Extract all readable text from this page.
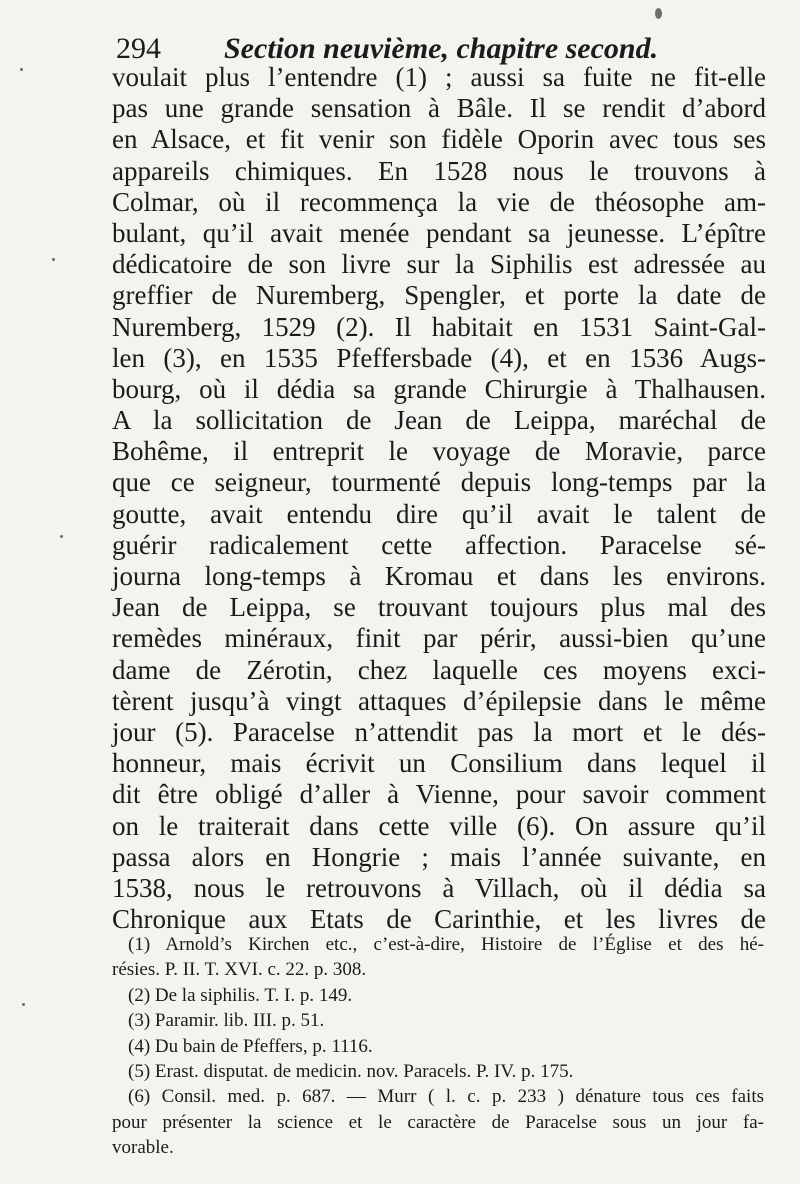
294	Section neuvième, chapitre second.
voulait plus l’entendre (1) ; aussi sa fuite ne fit-elle
pas une grande sensation à Bâle. Il se rendit d’abord
en Alsace, et fit venir son fidèle Oporin avec tous ses
appareils chimiques. En 1528 nous le trouvons à
Colmar, où il recommença la vie de théosophe am-
bulant, qu’il avait menée pendant sa jeunesse. L’épître
dédicatoire de son livre sur la Siphilis est adressée au
greffier de Nuremberg, Spengler, et porte la date de
Nuremberg, 1529 (2). Il habitait en 1531 Saint-Gal-
len (3), en 1535 Pfeffersbade (4), et en 1536 Augs-
bourg, où il dédia sa grande Chirurgie à Thalhausen.
A la sollicitation de Jean de Leippa, maréchal de
Bohême, il entreprit le voyage de Moravie, parce
que ce seigneur, tourmenté depuis long-temps par la
goutte, avait entendu dire qu’il avait le talent de
guérir radicalement cette affection. Paracelse sé-
journa long-temps à Kromau et dans les environs.
Jean de Leippa, se trouvant toujours plus mal des
remèdes minéraux, finit par périr, aussi-bien qu’une
dame de Zérotin, chez laquelle ces moyens exci-
tèrent jusqu’à vingt attaques d’épilepsie dans le même
jour (5). Paracelse n’attendit pas la mort et le dés-
honneur, mais écrivit un Consilium dans lequel il
dit être obligé d’aller à Vienne, pour savoir comment
on le traiterait dans cette ville (6). On assure qu’il
passa alors en Hongrie ; mais l’année suivante, en
1538, nous le retrouvons à Villach, où il dédia sa
Chronique aux Etats de Carinthie, et les livres de
(1) Arnold’s Kirchen etc., c’est-à-dire, Histoire de l’Église et des hé-
résies. P. II. T. XVI. c. 22. p. 308.
(2) De la siphilis. T. I. p. 149.
(3) Paramir. lib. III. p. 51.
(4) Du bain de Pfeffers, p. 1116.
(5) Erast. disputat. de medicin. nov. Paracels. P. IV. p. 175.
(6) Consil. med. p. 687. — Murr ( l. c. p. 233 ) dénature tous ces faits
pour présenter la science et le caractère de Paracelse sous un jour fa-
vorable.
